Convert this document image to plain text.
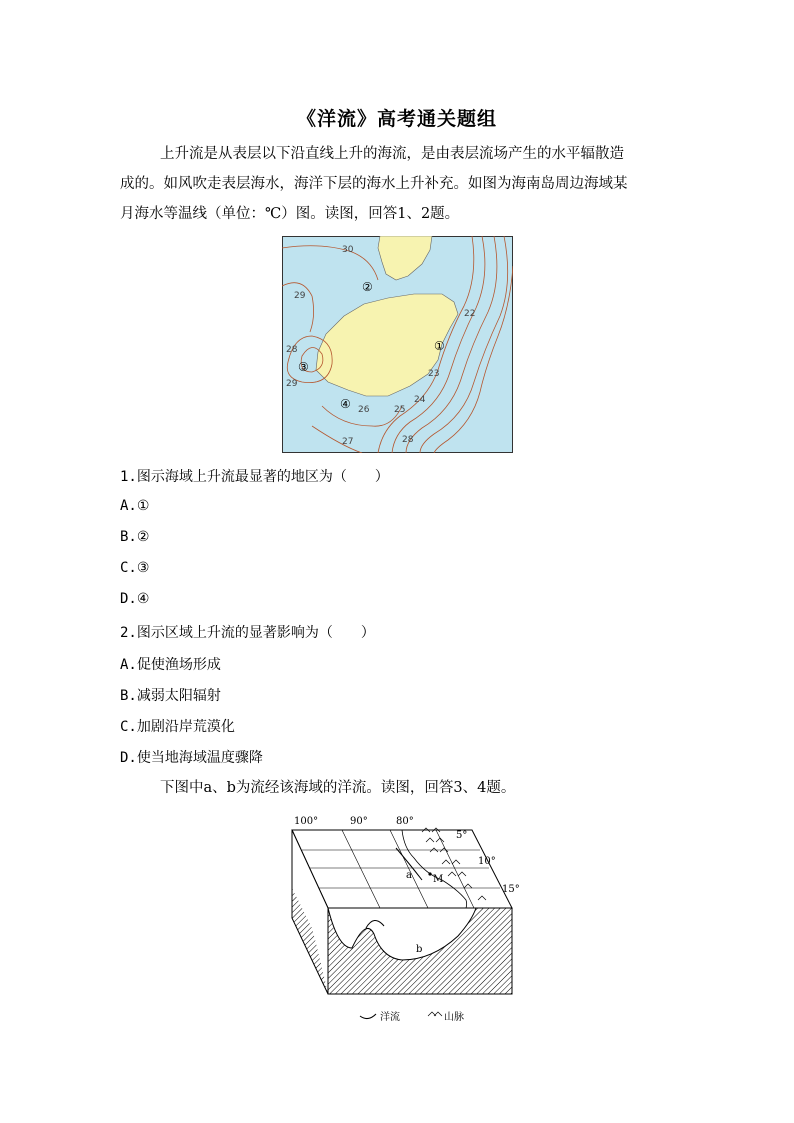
《洋流》高考通关题组

上升流是从表层以下沿直线上升的海流，是由表层流场产生的水平辐散造

成的。如风吹走表层海水，海洋下层的海水上升补充。如图为海南岛周边海域某

月海水等温线（单位：℃）图。读图，回答1、2题。

30
29
28
29
22
23
24
25
26
27	28
②
①
③
④
1.图示海域上升流最显著的地区为（　　）
A.①
B.②
C.③
D.④
2.图示区域上升流的显著影响为（　　）
A.促使渔场形成
B.减弱太阳辐射
C.加剧沿岸荒漠化
D.使当地海域温度骤降

下图中a、b为流经该海域的洋流。读图，回答3、4题。

100°	90°	80°
5°
10°
15°
a M
b
洋流	山脉
